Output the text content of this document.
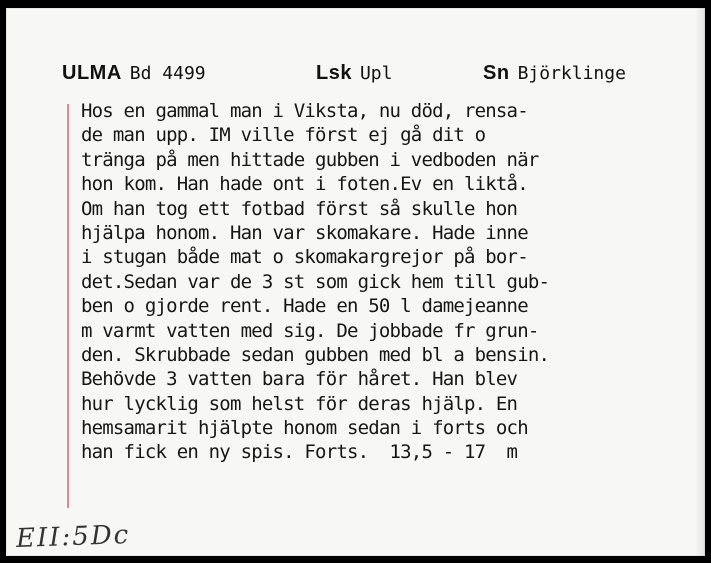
ULMA Bd 4499	Lsk Upl	Sn Björklinge
Hos en gammal man i Viksta, nu död, rensa-
de man upp. IM ville först ej gå dit o
tränga på men hittade gubben i vedboden när
hon kom. Han hade ont i foten.Ev en liktå.
Om han tog ett fotbad först så skulle hon
hjälpa honom. Han var skomakare. Hade inne
i stugan både mat o skomakargrejor på bor-
det.Sedan var de 3 st som gick hem till gub-
ben o gjorde rent. Hade en 50 l damejeanne
m varmt vatten med sig. De jobbade fr grun-
den. Skrubbade sedan gubben med bl a bensin.
Behövde 3 vatten bara för håret. Han blev
hur lycklig som helst för deras hjälp. En
hemsamarit hjälpte honom sedan i forts och
han fick en ny spis. Forts.  13,5 - 17  m
EII:5Dc
